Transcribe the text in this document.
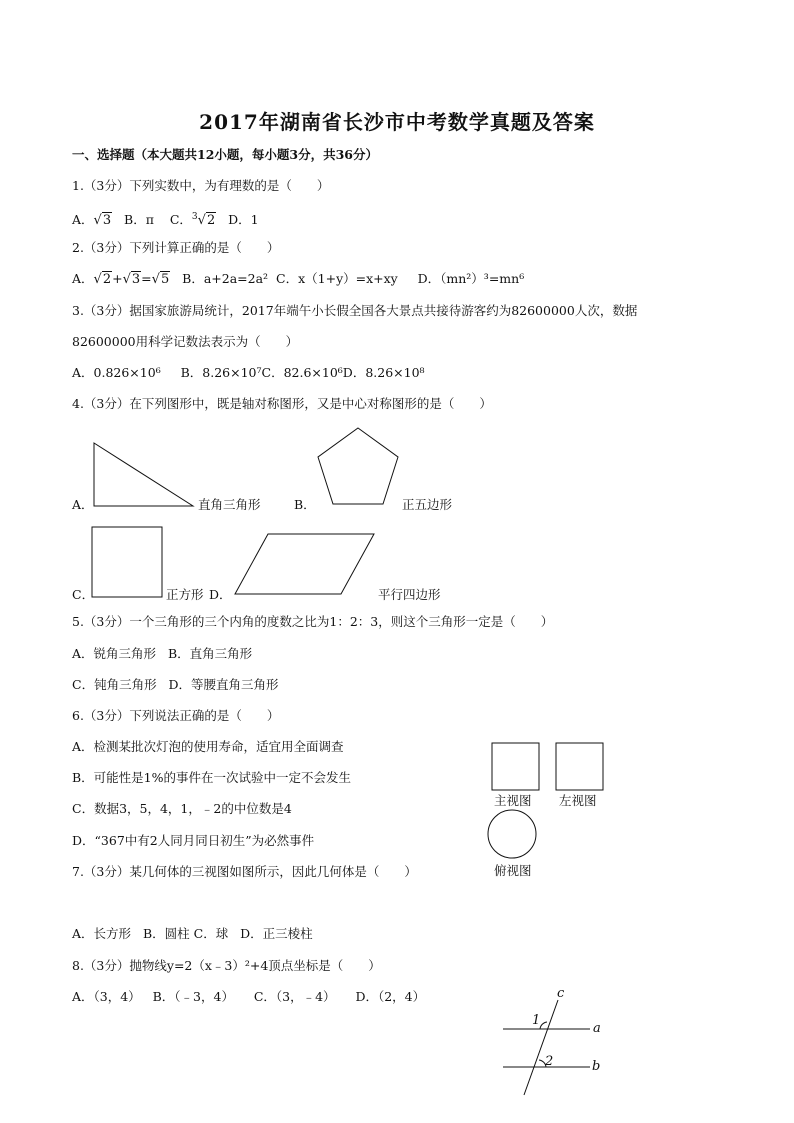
2017年湖南省长沙市中考数学真题及答案
一、选择题（本大题共12小题，每小题3分，共36分）
1.（3分）下列实数中，为有理数的是（　　）
A．√3 B．π C．$^3$√2 D．1
2.（3分）下列计算正确的是（　　）
A．√2+√3=√5 B．a+2a=2a² C．x（1+y）=x+xy D．（mn²）³=mn⁶
3.（3分）据国家旅游局统计，2017年端午小长假全国各大景点共接待游客约为82600000人次，数据
82600000用科学记数法表示为（　　）
A．0.826×10⁶ B．8.26×10⁷C．82.6×10⁶D．8.26×10⁸
4.（3分）在下列图形中，既是轴对称图形，又是中心对称图形的是（　　）
A．	直角三角形	B．	正五边形
C．	正方形 D．	平行四边形
5.（3分）一个三角形的三个内角的度数之比为1：2：3，则这个三角形一定是（　　）
A．锐角三角形 B．直角三角形
C．钝角三角形 D．等腰直角三角形
6.（3分）下列说法正确的是（　　）
A．检测某批次灯泡的使用寿命，适宜用全面调查
B．可能性是1%的事件在一次试验中一定不会发生
C．数据3，5，4，1，﹣2的中位数是4
D．“367中有2人同月同日初生”为必然事件
主视图 左视图
俯视图
7.（3分）某几何体的三视图如图所示，因此几何体是（　　）
A．长方形 B．圆柱 C．球 D．正三棱柱
8.（3分）抛物线y=2（x﹣3）²+4顶点坐标是（　　）
A．（3，4） B．（﹣3，4） C．（3，﹣4） D．（2，4）	c
a
b
1
2
